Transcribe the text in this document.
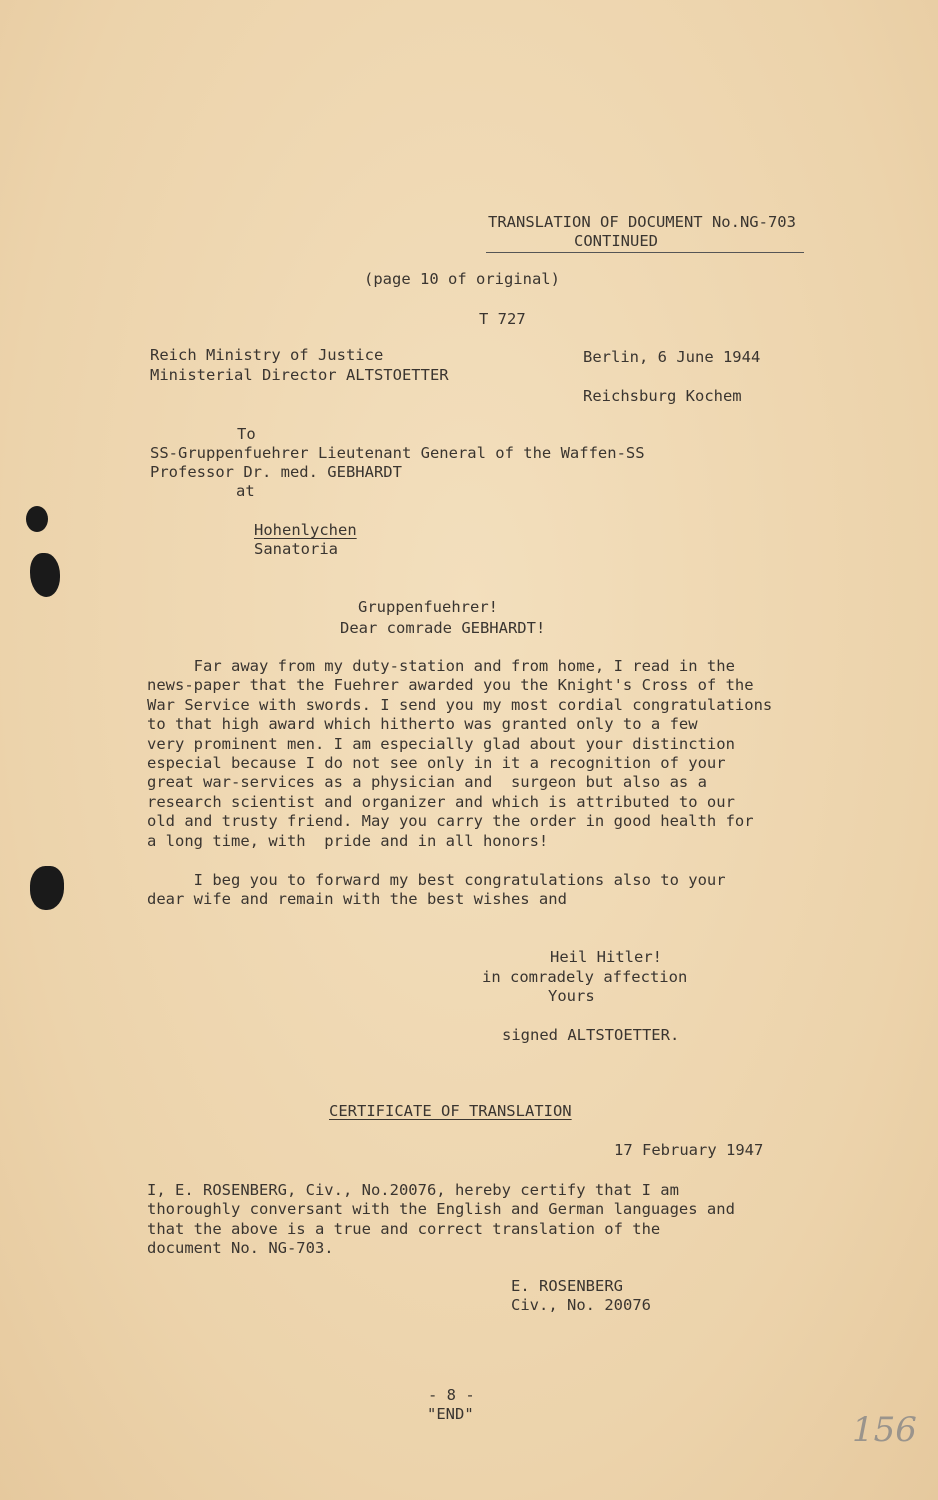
TRANSLATION OF DOCUMENT No.NG-703
CONTINUED
(page 10 of original)
T 727
Reich Ministry of Justice
Ministerial Director ALTSTOETTER
Berlin, 6 June 1944
Reichsburg Kochem
To
SS-Gruppenfuehrer Lieutenant General of the Waffen-SS
Professor Dr. med. GEBHARDT
at
Hohenlychen
Sanatoria
Gruppenfuehrer!
Dear comrade GEBHARDT!
Far away from my duty-station and from home, I read in the
news-paper that the Fuehrer awarded you the Knight's Cross of the
War Service with swords. I send you my most cordial congratulations
to that high award which hitherto was granted only to a few
very prominent men. I am especially glad about your distinction
especial because I do not see only in it a recognition of your
great war-services as a physician and  surgeon but also as a
research scientist and organizer and which is attributed to our
old and trusty friend. May you carry the order in good health for
a long time, with  pride and in all honors!
I beg you to forward my best congratulations also to your
dear wife and remain with the best wishes and
Heil Hitler!
in comradely affection
Yours
signed ALTSTOETTER.
CERTIFICATE OF TRANSLATION
17 February 1947
I, E. ROSENBERG, Civ., No.20076, hereby certify that I am
thoroughly conversant with the English and German languages and
that the above is a true and correct translation of the
document No. NG-703.
E. ROSENBERG
Civ., No. 20076
- 8 -
"END"	156
